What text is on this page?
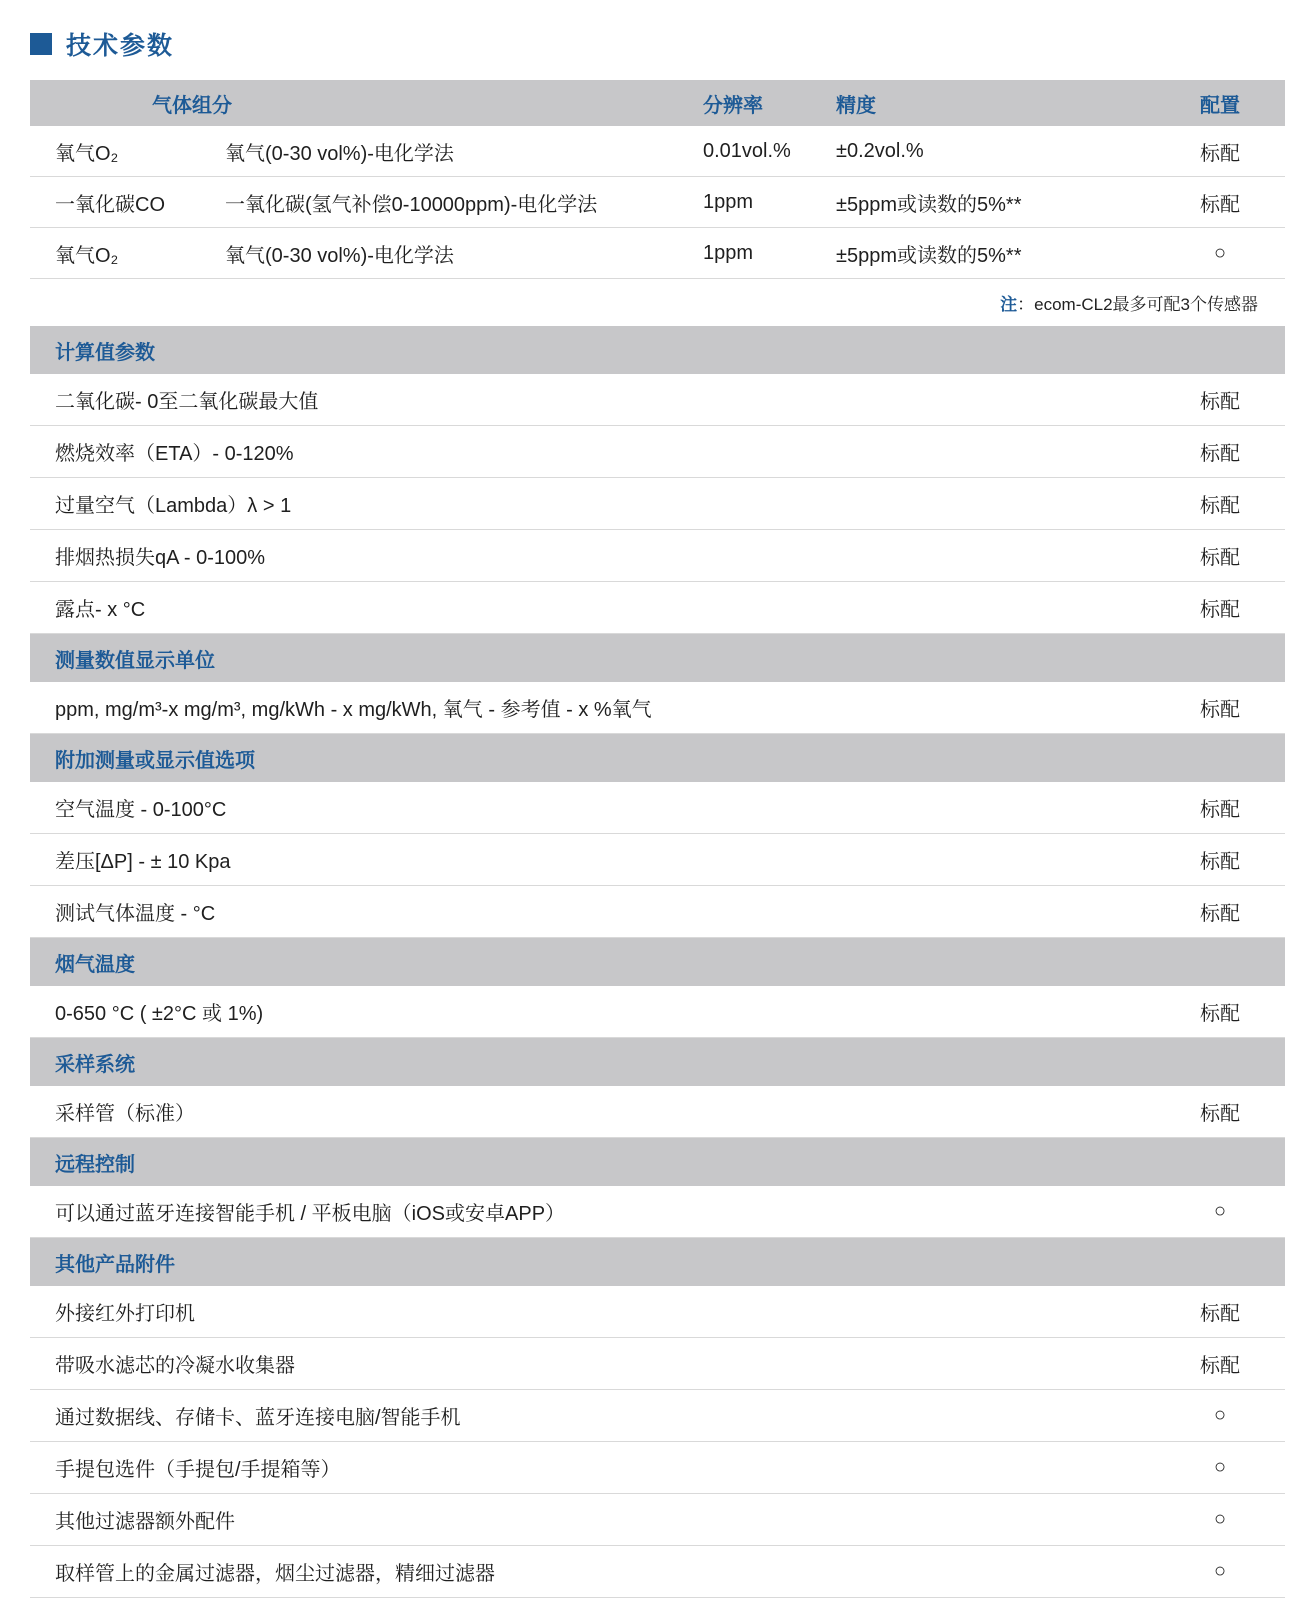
技术参数
气体组分	分辨率	精度	配置
氧气O₂	氧气(0-30 vol%)-电化学法	0.01vol.%	±0.2vol.%	标配
一氧化碳CO	一氧化碳(氢气补偿0-10000ppm)-电化学法	1ppm	±5ppm或读数的5%**	标配
氧气O₂	氧气(0-30 vol%)-电化学法	1ppm	±5ppm或读数的5%**	○
注 ：ecom-CL2最多可配3个传感器
计算值参数
二氧化碳- 0至二氧化碳最大值	标配
燃烧效率（ETA）- 0-120%	标配
过量空气（Lambda）λ > 1	标配
排烟热损失qA - 0-100%	标配
露点- x °C	标配
测量数值显示单位
ppm, mg/m³-x mg/m³, mg/kWh - x mg/kWh, 氧气 - 参考值 - x %氧气	标配
附加测量或显示值选项
空气温度 - 0-100°C	标配
差压[ΔP] - ± 10 Kpa	标配
测试气体温度 - °C	标配
烟气温度
0-650 °C ( ±2°C 或 1%)	标配
采样系统
采样管（标准）	标配
远程控制
可以通过蓝牙连接智能手机 / 平板电脑（iOS或安卓APP）	○
其他产品附件
外接红外打印机	标配
带吸水滤芯的冷凝水收集器	标配
通过数据线、存储卡、蓝牙连接电脑/智能手机	○
手提包选件（手提包/手提箱等）	○
其他过滤器额外配件	○
取样管上的金属过滤器，烟尘过滤器，精细过滤器	○
